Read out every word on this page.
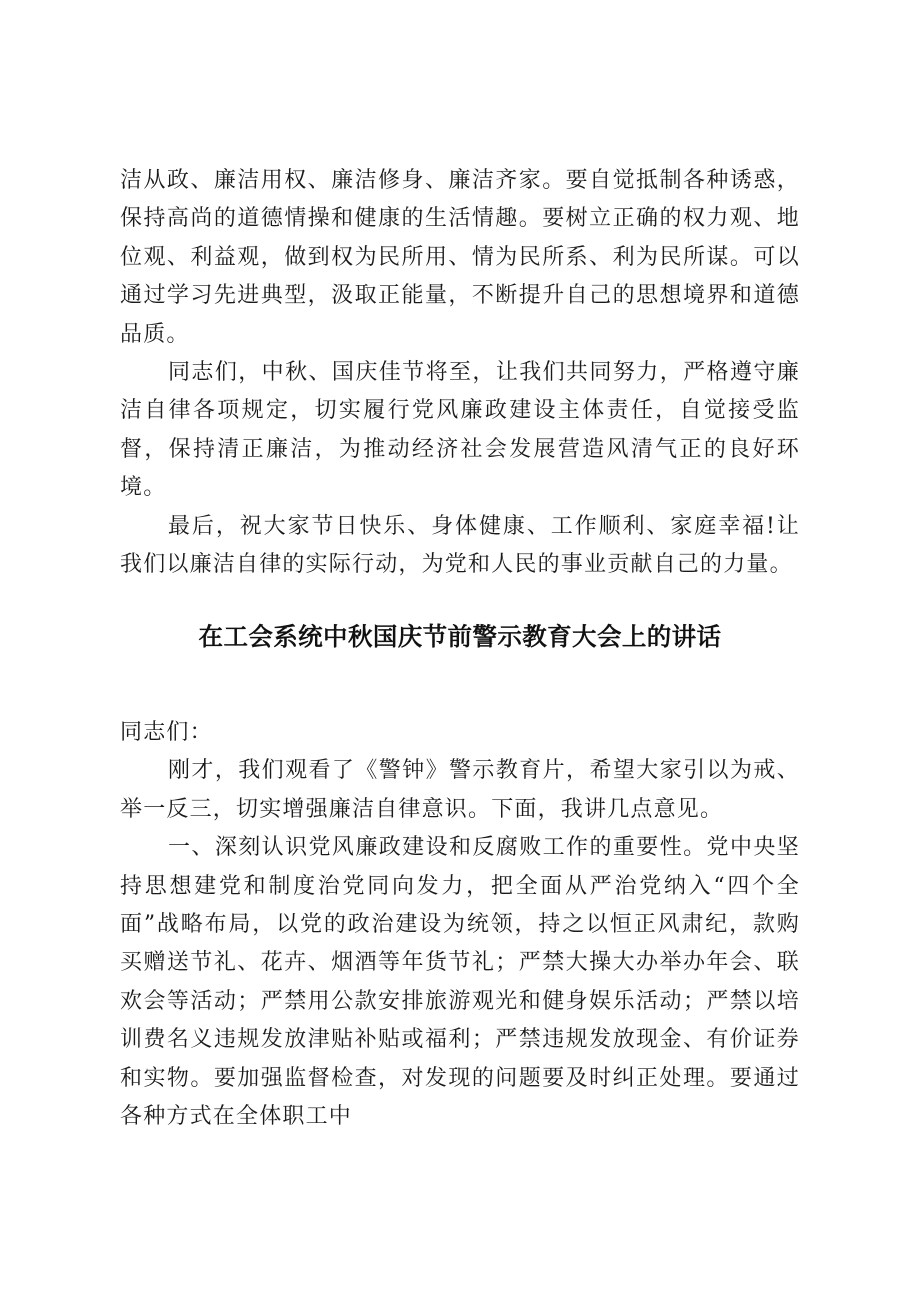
洁从政、廉洁用权、廉洁修身、廉洁齐家。要自觉抵制各种诱惑，保持高尚的道德情操和健康的生活情趣。要树立正确的权力观、地位观、利益观，做到权为民所用、情为民所系、利为民所谋。可以通过学习先进典型，汲取正能量，不断提升自己的思想境界和道德品质。

同志们，中秋、国庆佳节将至，让我们共同努力，严格遵守廉洁自律各项规定，切实履行党风廉政建设主体责任，自觉接受监督，保持清正廉洁，为推动经济社会发展营造风清气正的良好环境。

最后，祝大家节日快乐、身体健康、工作顺利、家庭幸福!让我们以廉洁自律的实际行动，为党和人民的事业贡献自己的力量。

在工会系统中秋国庆节前警示教育大会上的讲话

同志们：

刚才，我们观看了《警钟》警示教育片，希望大家引以为戒、举一反三，切实增强廉洁自律意识。下面，我讲几点意见。

一、深刻认识党风廉政建设和反腐败工作的重要性。党中央坚持思想建党和制度治党同向发力，把全面从严治党纳入“四个全面”战略布局，以党的政治建设为统领，持之以恒正风肃纪，款购买赠送节礼、花卉、烟酒等年货节礼；严禁大操大办举办年会、联欢会等活动；严禁用公款安排旅游观光和健身娱乐活动；严禁以培训费名义违规发放津贴补贴或福利；严禁违规发放现金、有价证券和实物。要加强监督检查，对发现的问题要及时纠正处理。要通过各种方式在全体职工中
